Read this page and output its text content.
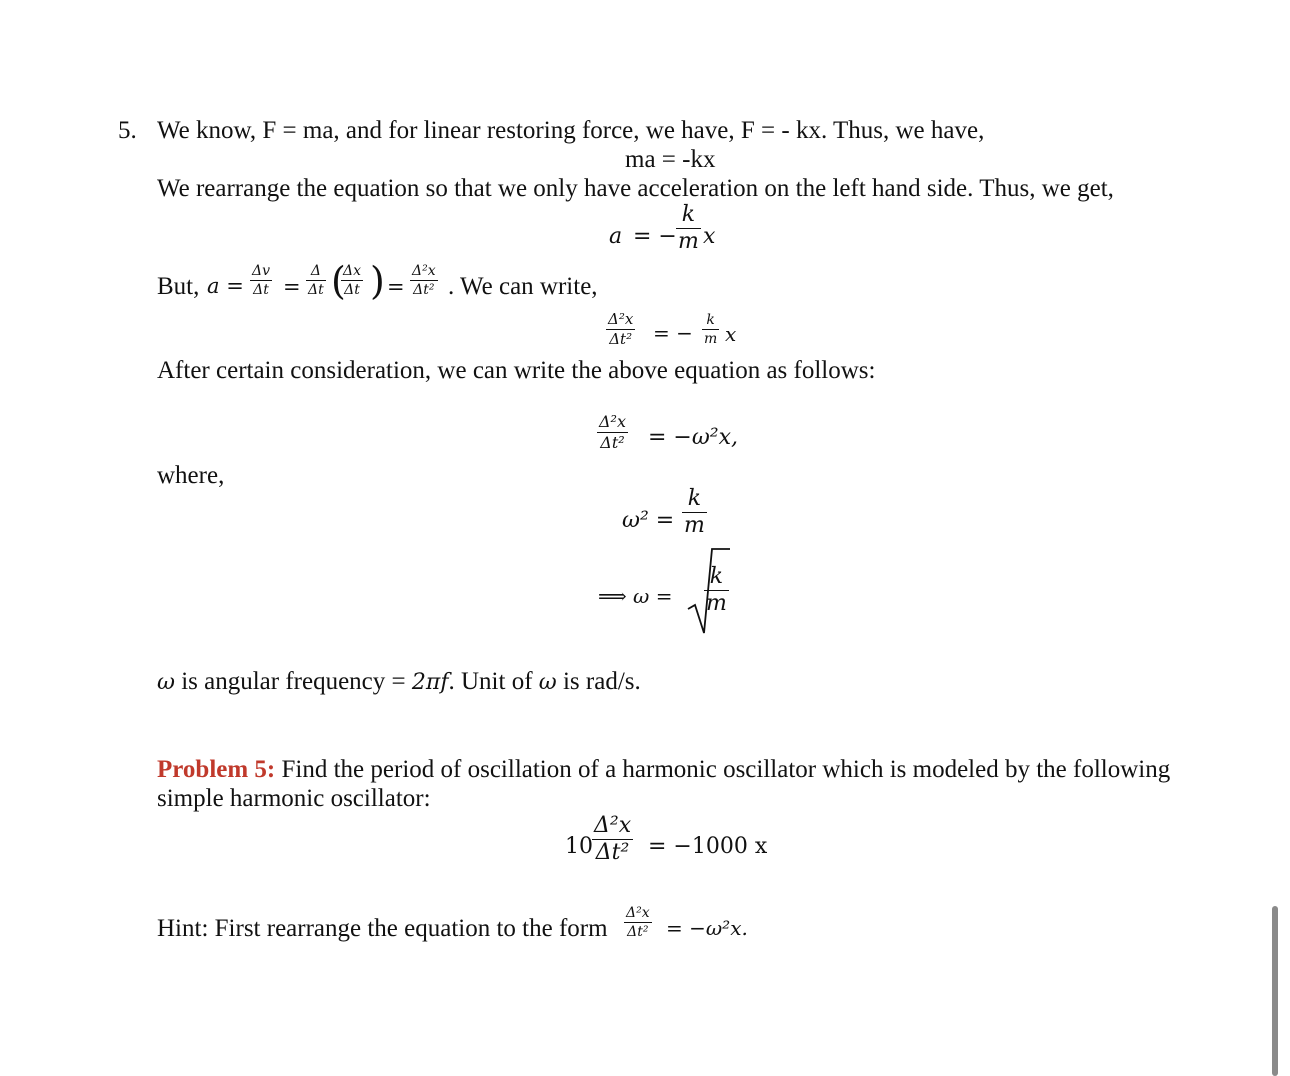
5. We know, F = ma, and for linear restoring force, we have, F = - kx. Thus, we have,
ma = -kx
We rearrange the equation so that we only have acceleration on the left hand side. Thus, we get,
a = −
k
m x
But, a =
Δv
Δt =
Δ
Δt (
Δx
Δt ) =
Δ²x
Δt² . We can write,
Δ²x
Δt² = −
k
m x
After certain consideration, we can write the above equation as follows:
Δ²x
Δt² = −ω²x,
where,
ω² =
k
m
⟹ ω =
k
m
ω is angular frequency = 2πf. Unit of ω is rad/s.
Problem 5: Find the period of oscillation of a harmonic oscillator which is modeled by the following
simple harmonic oscillator:
10
Δ²x
Δt² = −1000 x
Hint: First rearrange the equation to the form
Δ²x
Δt² = −ω²x.
